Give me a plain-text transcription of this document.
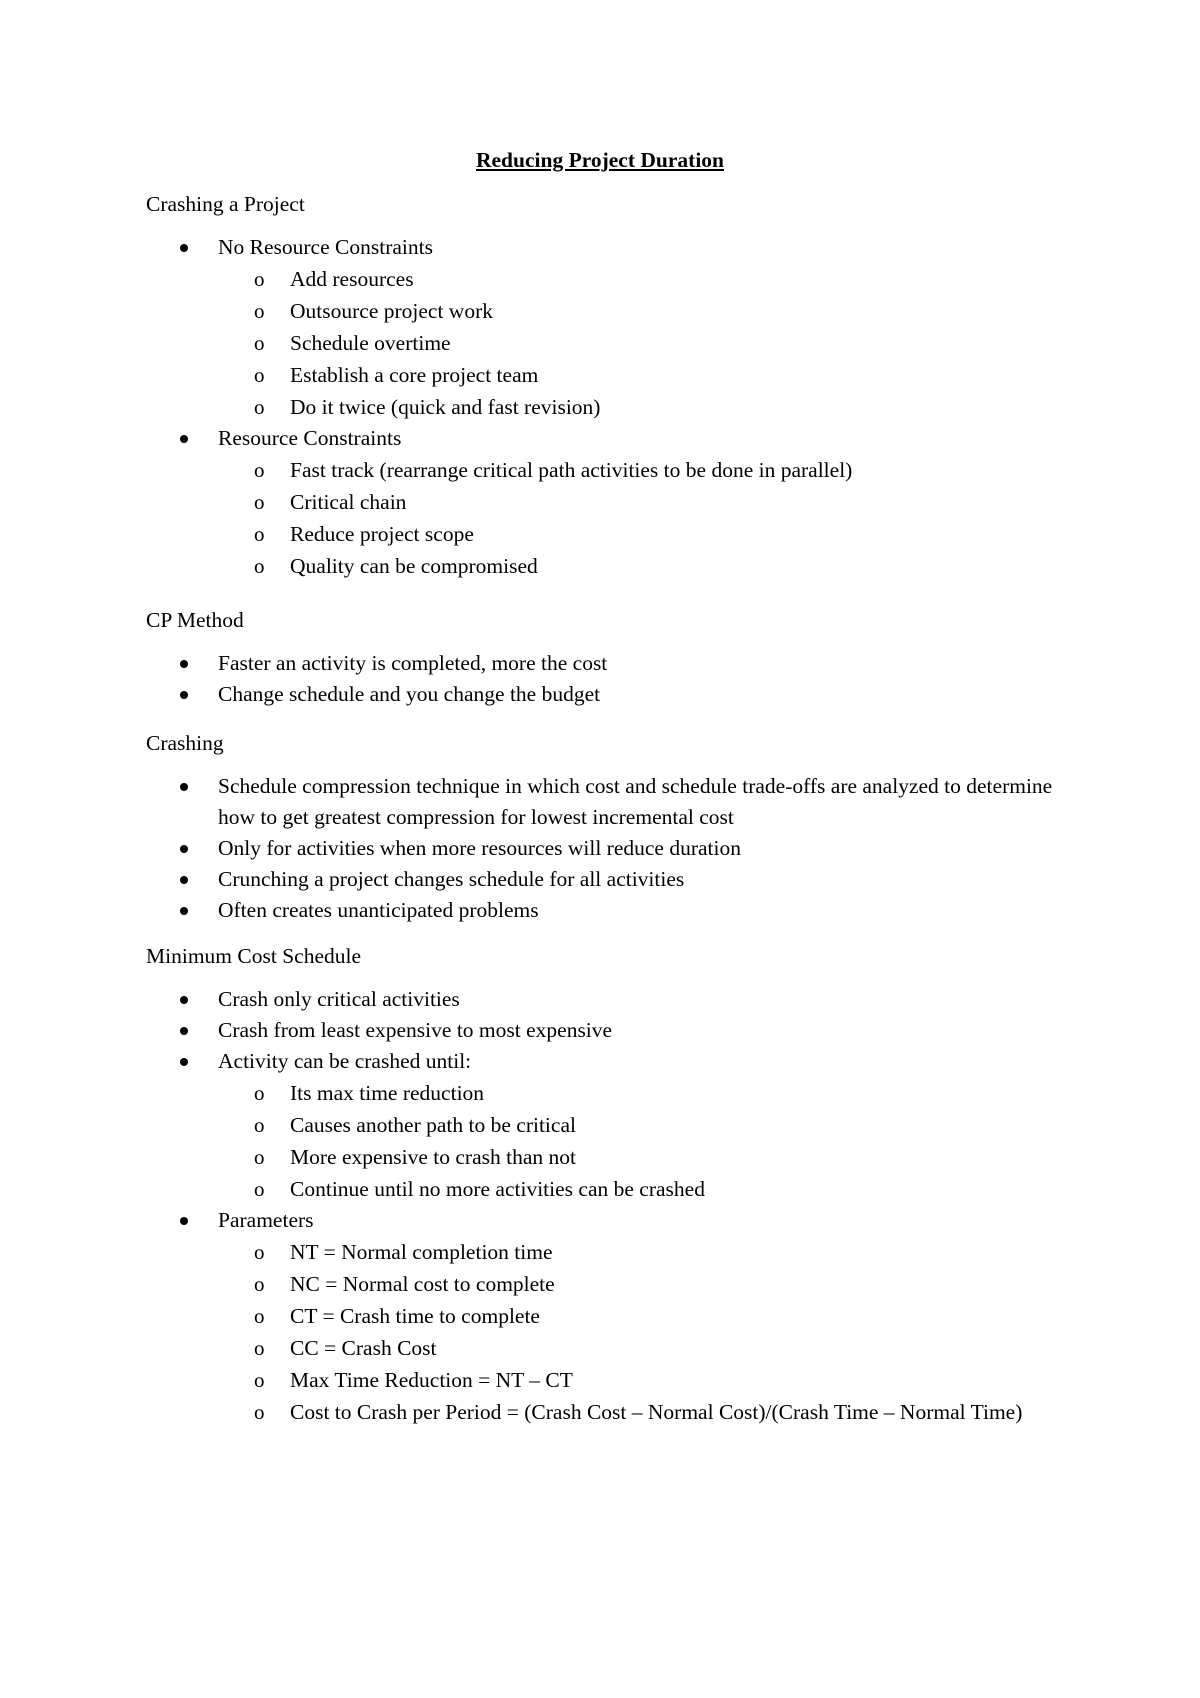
Reducing Project Duration

Crashing a Project

No Resource Constraints
o Add resources
o Outsource project work
o Schedule overtime
o Establish a core project team
o Do it twice (quick and fast revision)
Resource Constraints
o Fast track (rearrange critical path activities to be done in parallel)
o Critical chain
o Reduce project scope
o Quality can be compromised

CP Method

Faster an activity is completed, more the cost
Change schedule and you change the budget

Crashing

Schedule compression technique in which cost and schedule trade-offs are analyzed to determine how to get greatest compression for lowest incremental cost
Only for activities when more resources will reduce duration
Crunching a project changes schedule for all activities
Often creates unanticipated problems

Minimum Cost Schedule

Crash only critical activities
Crash from least expensive to most expensive
Activity can be crashed until:
o Its max time reduction
o Causes another path to be critical
o More expensive to crash than not
o Continue until no more activities can be crashed
Parameters
o NT = Normal completion time
o NC = Normal cost to complete
o CT = Crash time to complete
o CC = Crash Cost
o Max Time Reduction = NT – CT
o Cost to Crash per Period = (Crash Cost – Normal Cost)/(Crash Time – Normal Time)
